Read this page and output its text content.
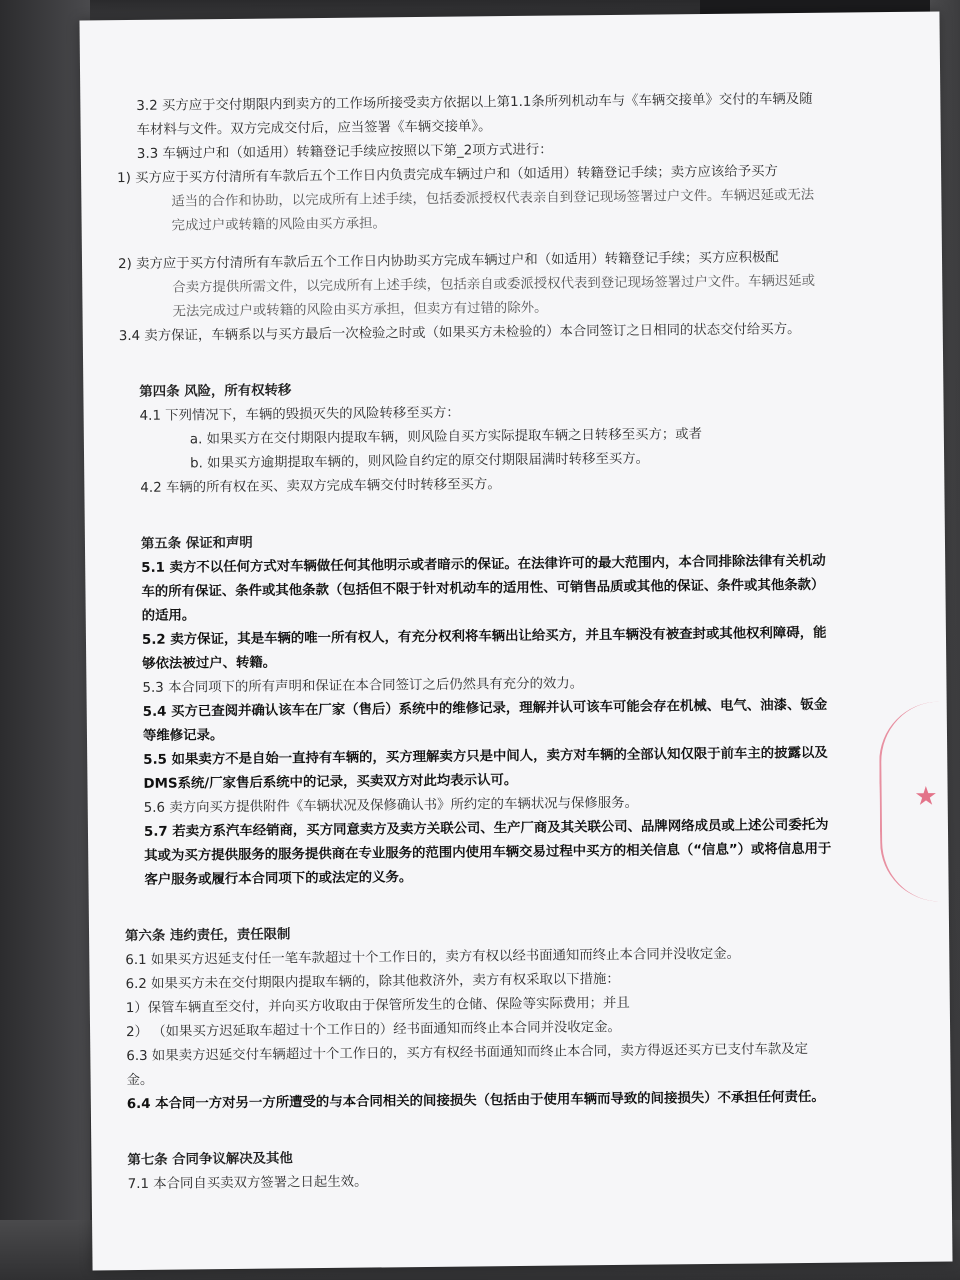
3.2 买方应于交付期限内到卖方的工作场所接受卖方依据以上第1.1条所列机动车与《车辆交接单》交付的车辆及随
车材料与文件。双方完成交付后，应当签署《车辆交接单》。
3.3 车辆过户和（如适用）转籍登记手续应按照以下第_2项方式进行：
1) 买方应于买方付清所有车款后五个工作日内负责完成车辆过户和（如适用）转籍登记手续；卖方应该给予买方
适当的合作和协助，以完成所有上述手续，包括委派授权代表亲自到登记现场签署过户文件。车辆迟延或无法
完成过户或转籍的风险由买方承担。
2) 卖方应于买方付清所有车款后五个工作日内协助买方完成车辆过户和（如适用）转籍登记手续；买方应积极配
合卖方提供所需文件，以完成所有上述手续，包括亲自或委派授权代表到登记现场签署过户文件。车辆迟延或
无法完成过户或转籍的风险由买方承担，但卖方有过错的除外。
3.4 卖方保证，车辆系以与买方最后一次检验之时或（如果买方未检验的）本合同签订之日相同的状态交付给买方。
第四条 风险，所有权转移
4.1 下列情况下，车辆的毁损灭失的风险转移至买方：
a. 如果买方在交付期限内提取车辆，则风险自买方实际提取车辆之日转移至买方；或者
b. 如果买方逾期提取车辆的，则风险自约定的原交付期限届满时转移至买方。
4.2 车辆的所有权在买、卖双方完成车辆交付时转移至买方。
第五条 保证和声明
5.1 卖方不以任何方式对车辆做任何其他明示或者暗示的保证。在法律许可的最大范围内，本合同排除法律有关机动
车的所有保证、条件或其他条款（包括但不限于针对机动车的适用性、可销售品质或其他的保证、条件或其他条款）
的适用。
5.2 卖方保证，其是车辆的唯一所有权人，有充分权利将车辆出让给买方，并且车辆没有被查封或其他权利障碍，能
够依法被过户、转籍。
5.3 本合同项下的所有声明和保证在本合同签订之后仍然具有充分的效力。
5.4 买方已查阅并确认该车在厂家（售后）系统中的维修记录，理解并认可该车可能会存在机械、电气、油漆、钣金
等维修记录。
5.5 如果卖方不是自始一直持有车辆的，买方理解卖方只是中间人，卖方对车辆的全部认知仅限于前车主的披露以及
DMS系统/厂家售后系统中的记录，买卖双方对此均表示认可。
5.6 卖方向买方提供附件《车辆状况及保修确认书》所约定的车辆状况与保修服务。
5.7 若卖方系汽车经销商，买方同意卖方及卖方关联公司、生产厂商及其关联公司、品牌网络成员或上述公司委托为
其或为买方提供服务的服务提供商在专业服务的范围内使用车辆交易过程中买方的相关信息（“信息”）或将信息用于
客户服务或履行本合同项下的或法定的义务。
第六条 违约责任，责任限制
6.1 如果买方迟延支付任一笔车款超过十个工作日的，卖方有权以经书面通知而终止本合同并没收定金。
6.2 如果买方未在交付期限内提取车辆的，除其他救济外，卖方有权采取以下措施：
1）保管车辆直至交付，并向买方收取由于保管所发生的仓储、保险等实际费用；并且
2） （如果买方迟延取车超过十个工作日的）经书面通知而终止本合同并没收定金。
6.3 如果卖方迟延交付车辆超过十个工作日的，买方有权经书面通知而终止本合同，卖方得返还买方已支付车款及定
金。
6.4 本合同一方对另一方所遭受的与本合同相关的间接损失（包括由于使用车辆而导致的间接损失）不承担任何责任。
第七条 合同争议解决及其他
7.1 本合同自买卖双方签署之日起生效。
★
